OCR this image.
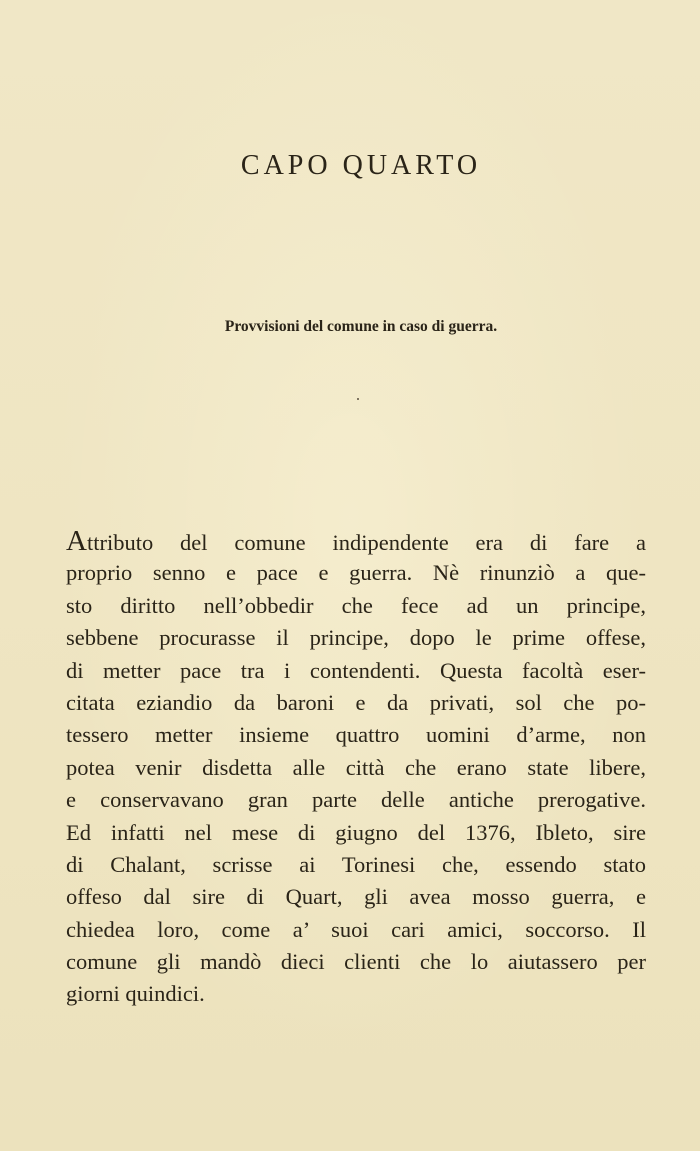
CAPO QUARTO
Provvisioni del comune in caso di guerra.
Attributo del comune indipendente era di fare a
proprio senno e pace e guerra. Nè rinunziò a que-
sto diritto nell’obbedir che fece ad un principe,
sebbene procurasse il principe, dopo le prime offese,
di metter pace tra i contendenti. Questa facoltà eser-
citata eziandio da baroni e da privati, sol che po-
tessero metter insieme quattro uomini d’arme, non
potea venir disdetta alle città che erano state libere,
e conservavano gran parte delle antiche prerogative.
Ed infatti nel mese di giugno del 1376, Ibleto, sire
di Chalant, scrisse ai Torinesi che, essendo stato
offeso dal sire di Quart, gli avea mosso guerra, e
chiedea loro, come a’ suoi cari amici, soccorso. Il
comune gli mandò dieci clienti che lo aiutassero per
giorni quindici.
